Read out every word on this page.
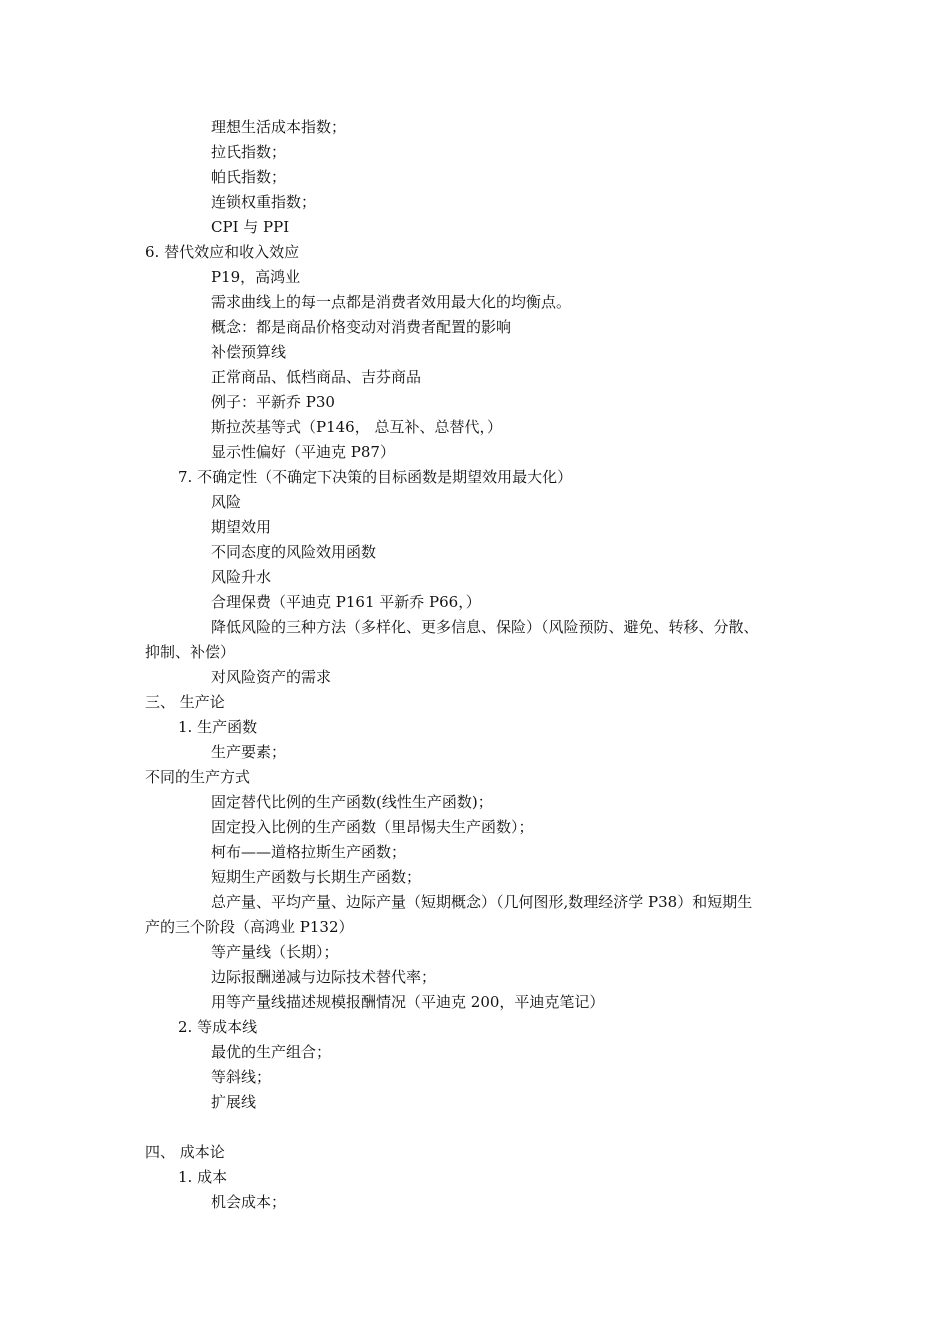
理想生活成本指数；
拉氏指数；
帕氏指数；
连锁权重指数；
CPI 与 PPI
6. 替代效应和收入效应
P19，高鸿业
需求曲线上的每一点都是消费者效用最大化的均衡点。
概念：都是商品价格变动对消费者配置的影响
补偿预算线
正常商品、低档商品、吉芬商品
例子：平新乔 P30
斯拉茨基等式（P146， 总互补、总替代，）
显示性偏好（平迪克 P87）
7. 不确定性（不确定下决策的目标函数是期望效用最大化）
风险
期望效用
不同态度的风险效用函数
风险升水
合理保费（平迪克 P161 平新乔 P66，）
降低风险的三种方法（多样化、更多信息、保险）（风险预防、避免、转移、分散、
抑制、补偿）
对风险资产的需求
三、 生产论
1. 生产函数
生产要素；
不同的生产方式
固定替代比例的生产函数(线性生产函数)；
固定投入比例的生产函数（里昂惕夫生产函数）；
柯布——道格拉斯生产函数；
短期生产函数与长期生产函数；
总产量、平均产量、边际产量（短期概念）（几何图形,数理经济学 P38）和短期生
产的三个阶段（高鸿业 P132）
等产量线（长期）；
边际报酬递减与边际技术替代率；
用等产量线描述规模报酬情况（平迪克 200，平迪克笔记）
2. 等成本线
最优的生产组合；
等斜线；
扩展线
四、 成本论
1. 成本
机会成本；
